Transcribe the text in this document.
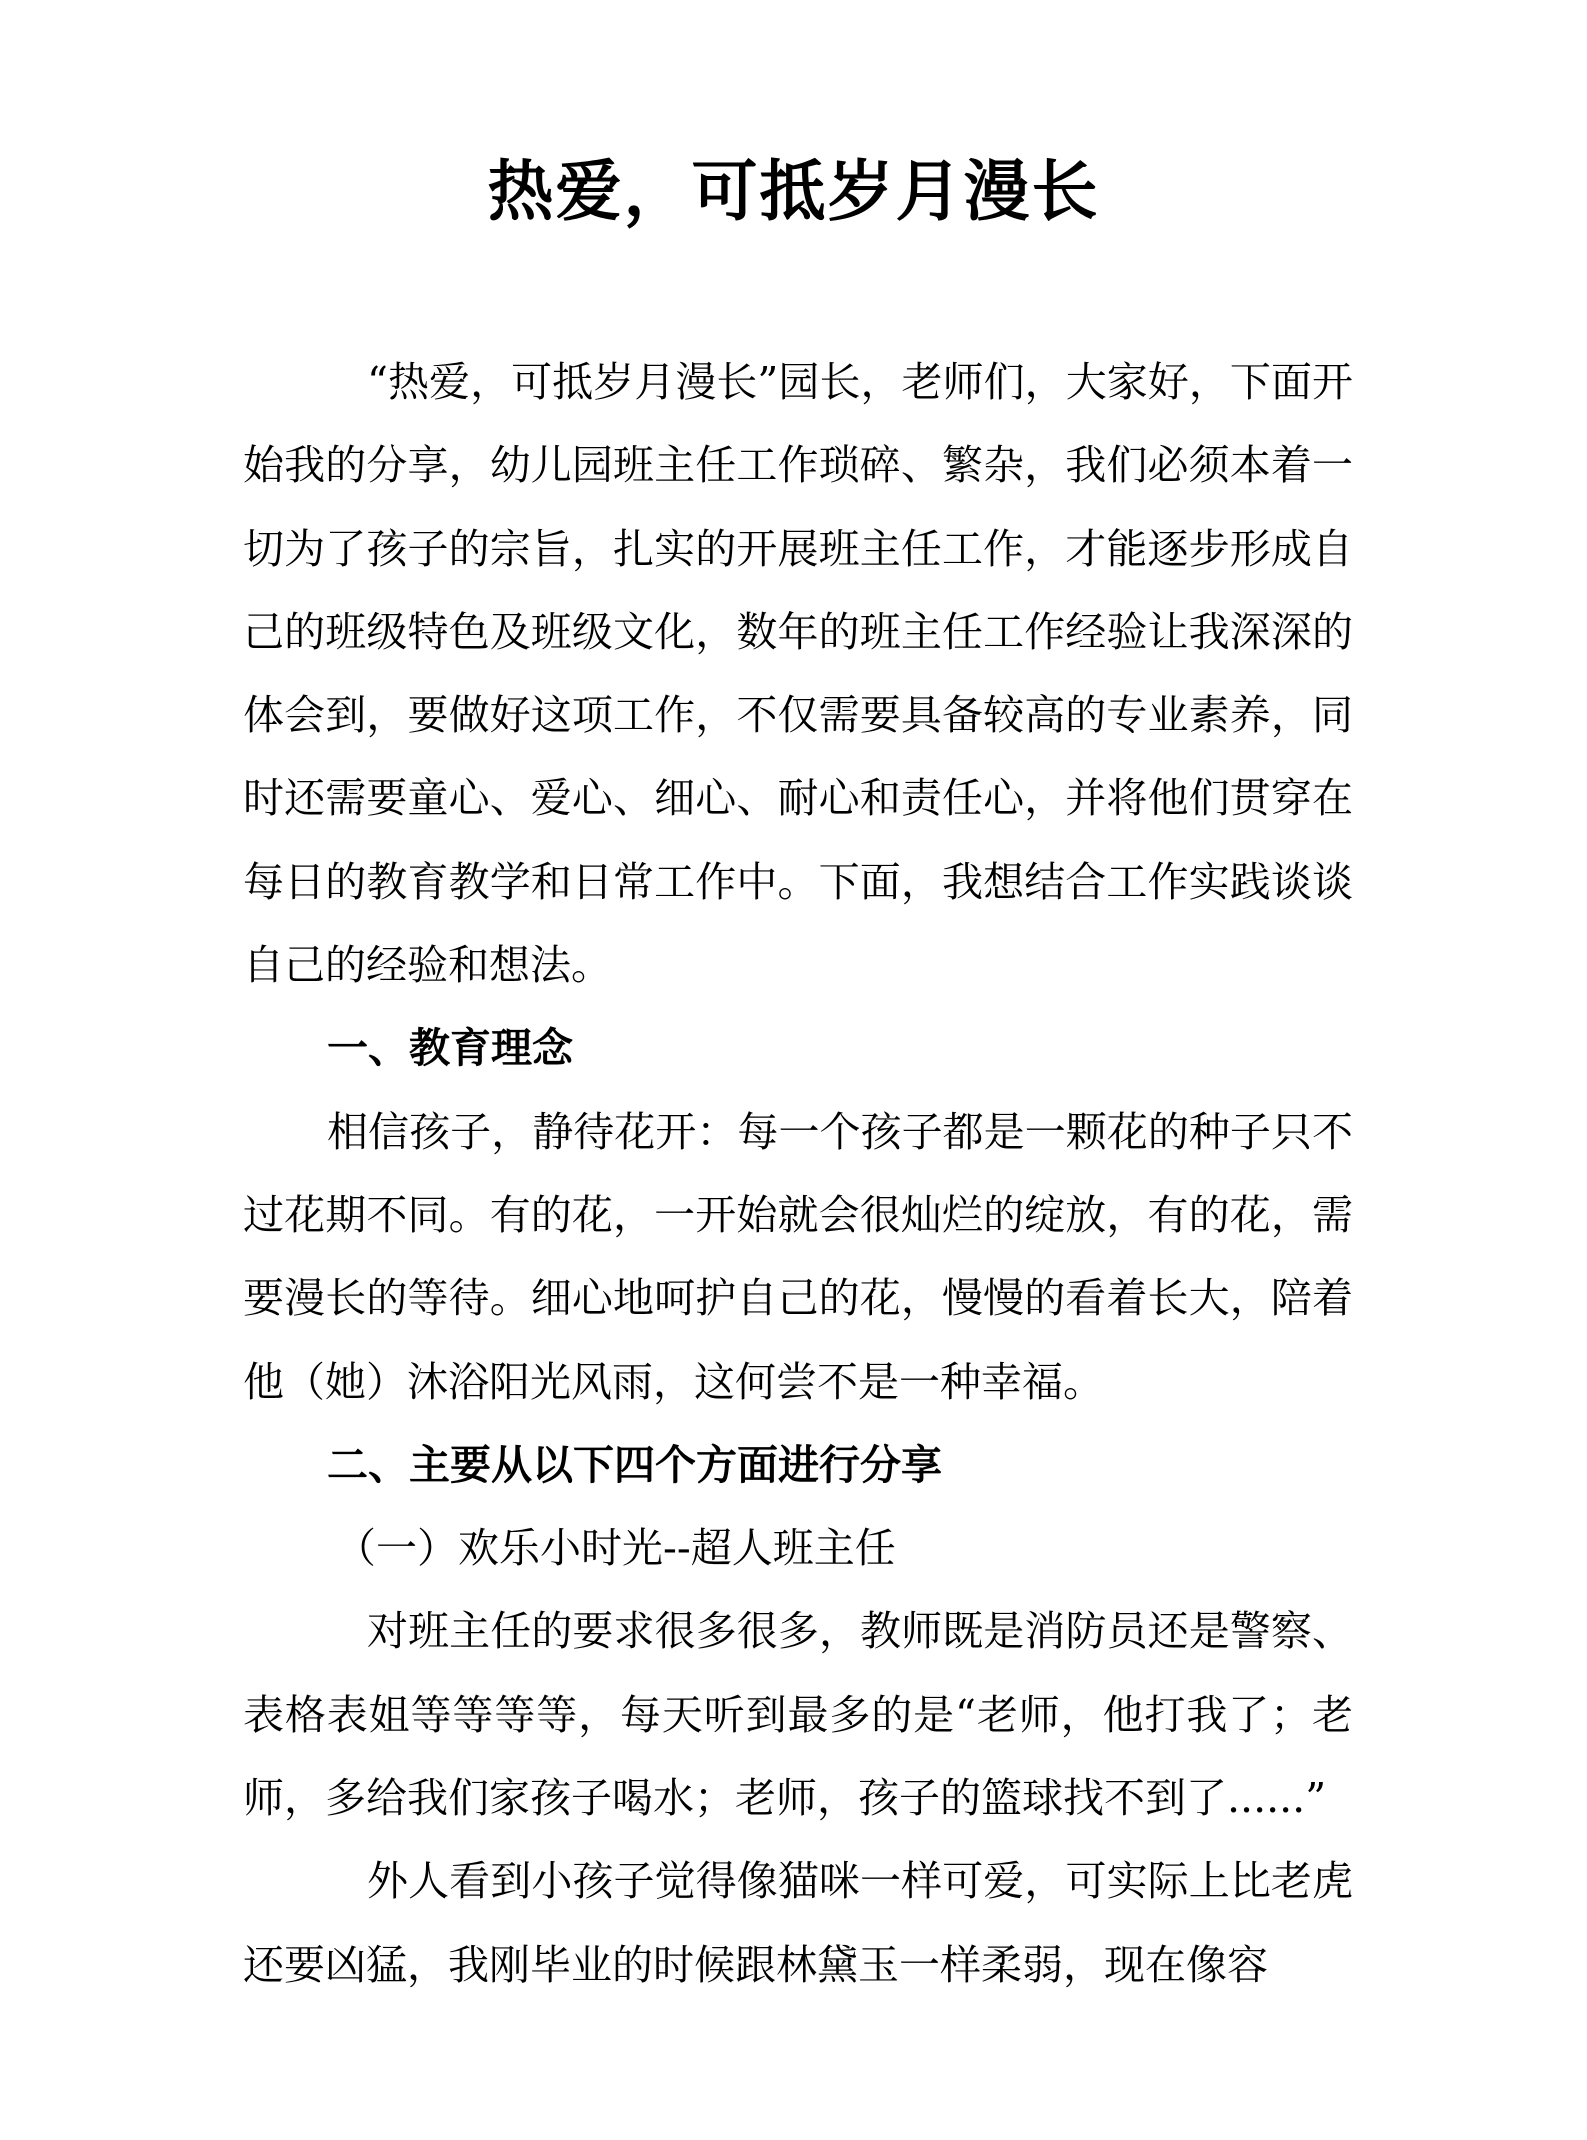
热爱，可抵岁月漫长

“热爱，可抵岁月漫长”园长，老师们，大家好，下面开始我的分享，幼儿园班主任工作琐碎、繁杂，我们必须本着一切为了孩子的宗旨，扎实的开展班主任工作，才能逐步形成自己的班级特色及班级文化，数年的班主任工作经验让我深深的体会到，要做好这项工作，不仅需要具备较高的专业素养，同时还需要童心、爱心、细心、耐心和责任心，并将他们贯穿在每日的教育教学和日常工作中。下面，我想结合工作实践谈谈自己的经验和想法。

一、教育理念

相信孩子，静待花开：每一个孩子都是一颗花的种子只不过花期不同。有的花，一开始就会很灿烂的绽放，有的花，需要漫长的等待。细心地呵护自己的花，慢慢的看着长大，陪着他（她）沐浴阳光风雨，这何尝不是一种幸福。

二、主要从以下四个方面进行分享

（一）欢乐小时光--超人班主任

对班主任的要求很多很多，教师既是消防员还是警察、表格表姐等等等等，每天听到最多的是“老师，他打我了；老师，多给我们家孩子喝水；老师，孩子的篮球找不到了......”

外人看到小孩子觉得像猫咪一样可爱，可实际上比老虎还要凶猛，我刚毕业的时候跟林黛玉一样柔弱，现在像容
